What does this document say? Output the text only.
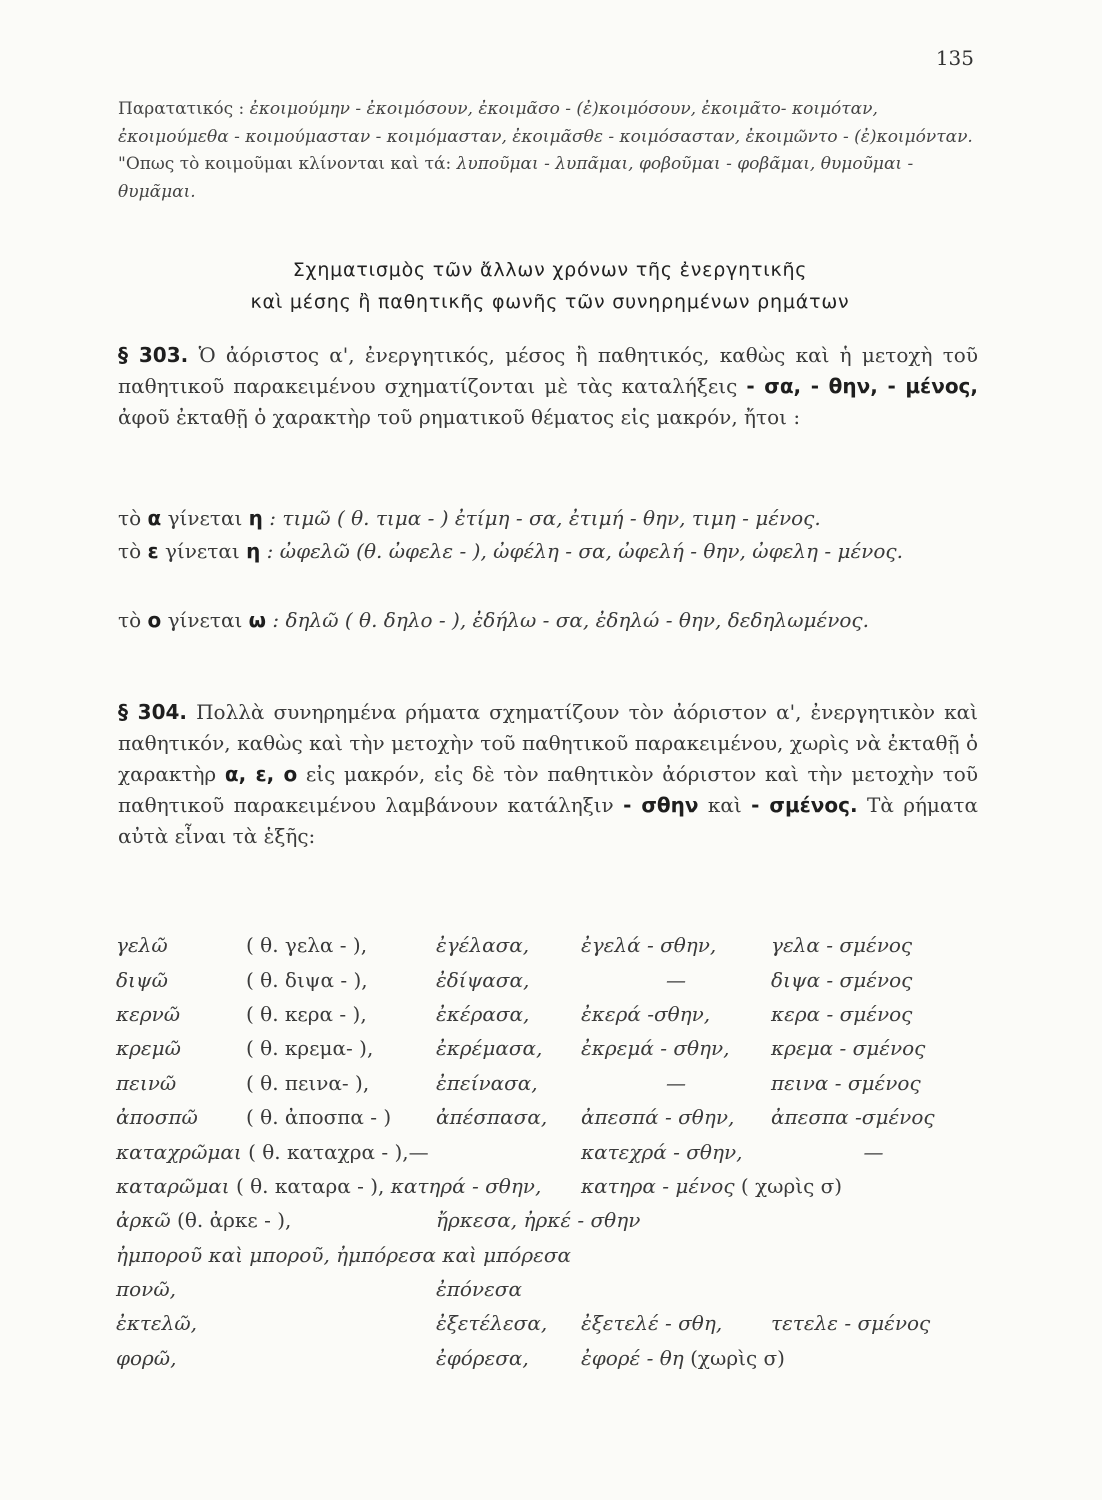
135
Παρατατικός : ἐκοιμούμην - ἐκοιμόσουν, ἐκοιμᾶσο - (ἐ)κοιμόσουν, ἐκοιμᾶτο- κοιμόταν, ἐκοιμούμεθα - κοιμούμασταν - κοιμόμασταν, ἐκοιμᾶσθε - κοιμόσασταν, ἐκοιμῶντο - (ἐ)κοιμόνταν. "Οπως τὸ κοιμοῦμαι κλίνονται καὶ τά: λυποῦμαι - λυπᾶμαι, φοβοῦμαι - φοβᾶμαι, θυμοῦμαι - θυμᾶμαι.
Σχηματισμὸς τῶν ἄλλων χρόνων τῆς ἐνεργητικῆς
καὶ μέσης ἢ παθητικῆς φωνῆς τῶν συνηρημένων ρημάτων
§ 303. Ὁ ἀόριστος α', ἐνεργητικός, μέσος ἢ παθητικός, καθὼς καὶ ἡ μετοχὴ τοῦ παθητικοῦ παρακειμένου σχηματίζονται μὲ τὰς καταλήξεις - σα, - θην, - μένος, ἀφοῦ ἐκταθῇ ὁ χαρακτὴρ τοῦ ρηματικοῦ θέματος εἰς μακρόν, ἤτοι :
τὸ α γίνεται η : τιμῶ ( θ. τιμα - ) ἐτίμη - σα, ἐτιμή - θην, τιμη - μένος.
τὸ ε γίνεται η : ὠφελῶ (θ. ὠφελε - ), ὠφέλη - σα, ὠφελή - θην, ὠφελη - μένος.
τὸ ο γίνεται ω : δηλῶ ( θ. δηλο - ), ἐδήλω - σα, ἐδηλώ - θην, δεδηλωμένος.
§ 304. Πολλὰ συνηρημένα ρήματα σχηματίζουν τὸν ἀόριστον α', ἐνεργητικὸν καὶ παθητικόν, καθὼς καὶ τὴν μετοχὴν τοῦ παθητικοῦ παρακειμένου, χωρὶς νὰ ἐκταθῇ ὁ χαρακτὴρ α, ε, ο εἰς μακρόν, εἰς δὲ τὸν παθητικὸν ἀόριστον καὶ τὴν μετοχὴν τοῦ παθητικοῦ παρακειμένου λαμβάνουν κατάληξιν - σθην καὶ - σμένος. Τὰ ρήματα αὐτὰ εἶναι τὰ ἑξῆς:
γελῶ	( θ. γελα - ),	ἐγέλασα,	ἐγελά - σθην,	γελα - σμένος
διψῶ	( θ. διψα - ),	ἐδίψασα,	—	διψα - σμένος
κερνῶ	( θ. κερα - ),	ἐκέρασα,	ἐκερά -σθην,	κερα - σμένος
κρεμῶ	( θ. κρεμα- ),	ἐκρέμασα,	ἐκρεμά - σθην,	κρεμα - σμένος
πεινῶ	( θ. πεινα- ),	ἐπείνασα,	—	πεινα - σμένος
ἀποσπῶ	( θ. ἀποσπα - )	ἀπέσπασα,	ἀπεσπά - σθην,	ἀπεσπα -σμένος
καταχρῶμαι ( θ. καταχρα - ),—			κατεχρά - σθην,	—
καταρῶμαι ( θ. καταρα - ), κατηρά - σθην,			κατηρα - μένος ( χωρὶς σ)	
ἀρκῶ (θ. ἀρκε - ),		ἤρκεσα, ἠρκέ - σθην		
ἠμποροῦ καὶ μποροῦ, ἠμπόρεσα καὶ μπόρεσα				
πονῶ,		ἐπόνεσα		
ἐκτελῶ,		ἐξετέλεσα,	ἐξετελέ - σθη,	τετελε - σμένος
φορῶ,		ἐφόρεσα,	ἐφορέ - θη (χωρὶς σ)	
